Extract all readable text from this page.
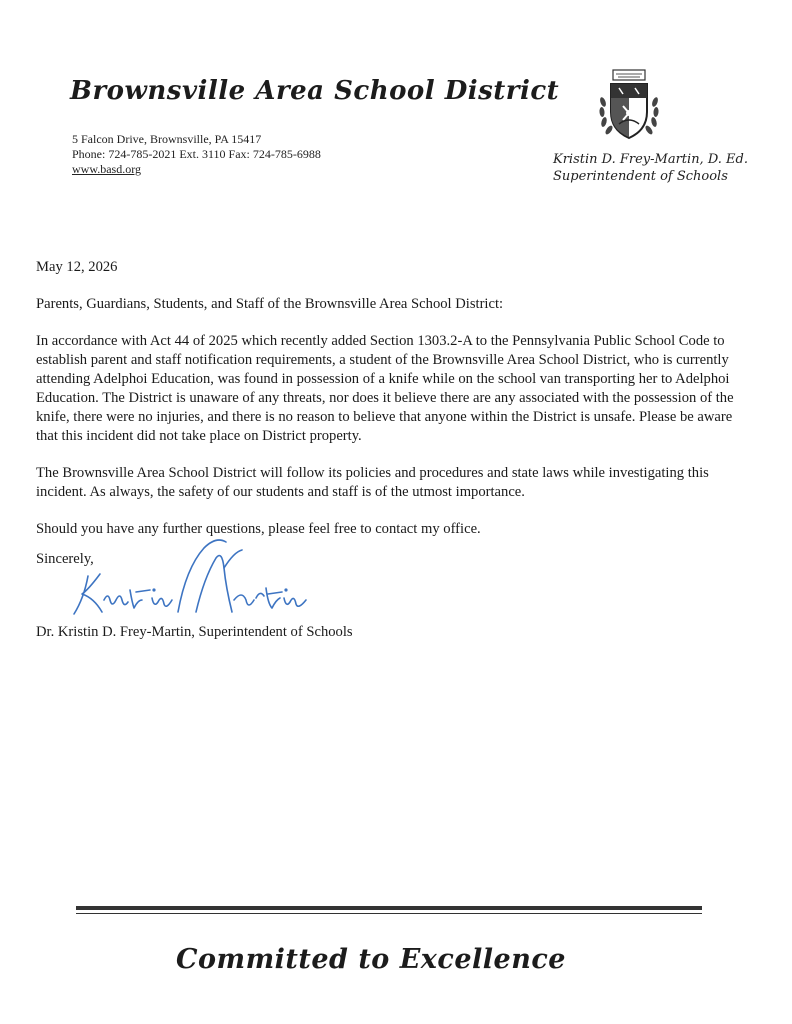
Brownsville Area School District
5 Falcon Drive, Brownsville, PA 15417
Phone: 724-785-2021 Ext. 3110 Fax: 724-785-6988
www.basd.org
Kristin D. Frey-Martin, D. Ed.
Superintendent of Schools

May 12, 2026

Parents, Guardians, Students, and Staff of the Brownsville Area School District:

In accordance with Act 44 of 2025 which recently added Section 1303.2-A to the Pennsylvania Public School Code to establish parent and staff notification requirements, a student of the Brownsville Area School District, who is currently attending Adelphoi Education, was found in possession of a knife while on the school van transporting her to Adelphoi Education. The District is unaware of any threats, nor does it believe there are any associated with the possession of the knife, there were no injuries, and there is no reason to believe that anyone within the District is unsafe. Please be aware that this incident did not take place on District property.

The Brownsville Area School District will follow its policies and procedures and state laws while investigating this incident. As always, the safety of our students and staff is of the utmost importance.

Should you have any further questions, please feel free to contact my office.

Sincerely,
Dr. Kristin D. Frey-Martin, Superintendent of Schools

Committed to Excellence
